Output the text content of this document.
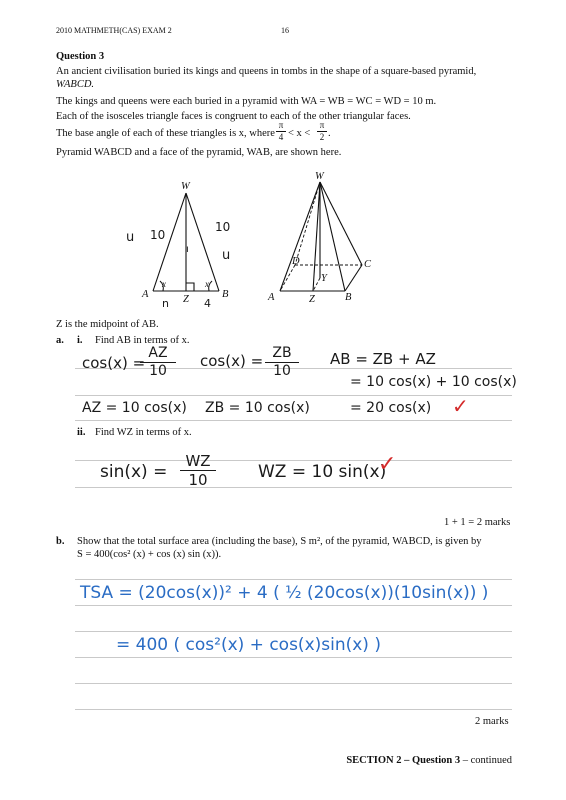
2010 MATHMETH(CAS) EXAM 2	16
Question 3
An ancient civilisation buried its kings and queens in tombs in the shape of a square-based pyramid,
WABCD.
The kings and queens were each buried in a pyramid with WA = WB = WC = WD = 10 m.
Each of the isosceles triangle faces is congruent to each of the other triangular faces.
The base angle of each of these triangles is x, where
π
4 < x <
π
2 .
Pyramid WABCD and a face of the pyramid, WAB, are shown here.
W
A	B
Z
x	x
u 10
10
u
ı
n	4
W
A	B
C
D
Z
Y
Z is the midpoint of AB.
a. i. Find AB in terms of x.
cos(x) =
AZ
10
cos(x) = ZB
10
AB = ZB + AZ
= 10 cos(x) + 10 cos(x)
AZ = 10 cos(x) ZB = 10 cos(x)	= 20 cos(x) ✓
ii. Find WZ in terms of x.
sin(x) =
WZ
10	WZ = 10 sin(x)
✓
1 + 1 = 2 marks
b. Show that the total surface area (including the base), S m², of the pyramid, WABCD, is given by
S = 400(cos² (x) + cos (x) sin (x)).
TSA = (20cos(x))² + 4 ( ½ (20cos(x))(10sin(x)) )
= 400 ( cos²(x) + cos(x)sin(x) )
2 marks
SECTION 2 – Question 3 – continued
